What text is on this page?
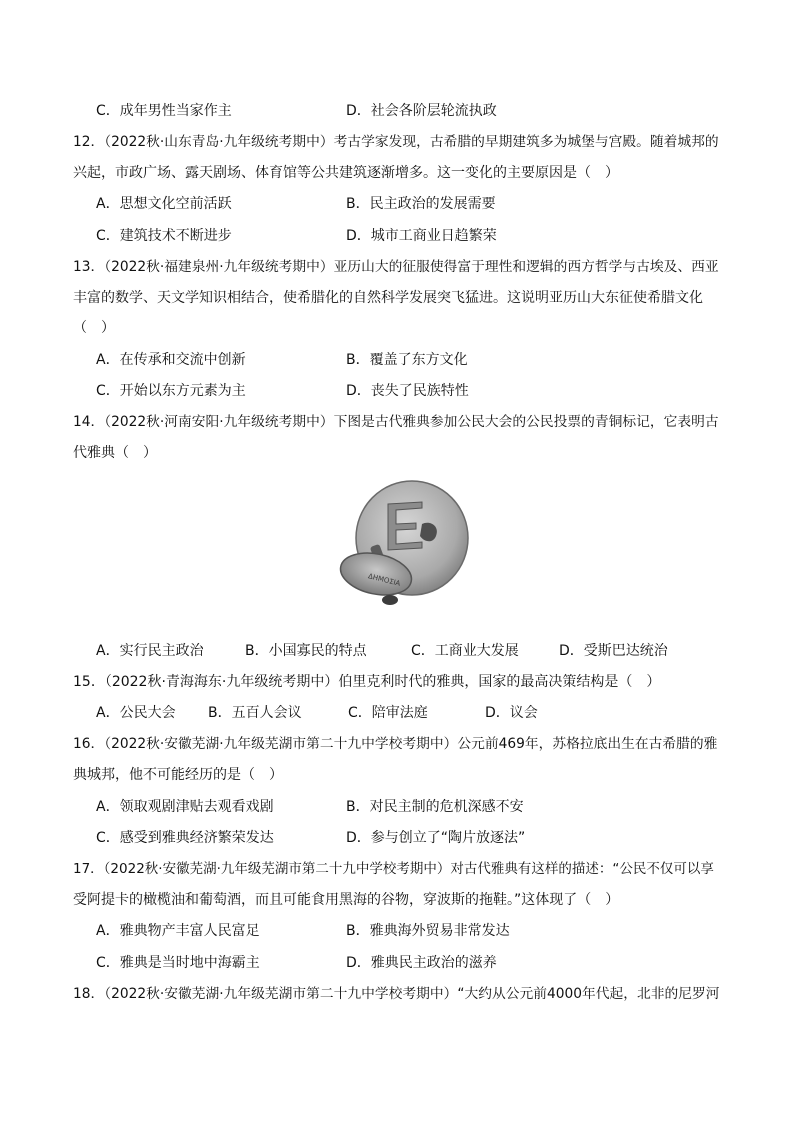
C．成年男性当家作主	D．社会各阶层轮流执政
12．（2022秋·山东青岛·九年级统考期中）考古学家发现，古希腊的早期建筑多为城堡与宫殿。随着城邦的
兴起，市政广场、露天剧场、体育馆等公共建筑逐渐增多。这一变化的主要原因是（　）
A．思想文化空前活跃	B．民主政治的发展需要
C．建筑技术不断进步	D．城市工商业日趋繁荣
13．（2022秋·福建泉州·九年级统考期中）亚历山大的征服使得富于理性和逻辑的西方哲学与古埃及、西亚
丰富的数学、天文学知识相结合，使希腊化的自然科学发展突飞猛进。这说明亚历山大东征使希腊文化
（　）
A．在传承和交流中创新	B．覆盖了东方文化
C．开始以东方元素为主	D．丧失了民族特性
14．（2022秋·河南安阳·九年级统考期中）下图是古代雅典参加公民大会的公民投票的青铜标记，它表明古
代雅典（　）
ΔΗΜΟΣΙΑ
A．实行民主政治	B．小国寡民的特点	C．工商业大发展	D．受斯巴达统治
15．（2022秋·青海海东·九年级统考期中）伯里克利时代的雅典，国家的最高决策结构是（　）
A．公民大会 B．五百人会议	C．陪审法庭	D．议会
16．（2022秋·安徽芜湖·九年级芜湖市第二十九中学校考期中）公元前469年，苏格拉底出生在古希腊的雅
典城邦，他不可能经历的是（　）
A．领取观剧津贴去观看戏剧	B．对民主制的危机深感不安
C．感受到雅典经济繁荣发达	D．参与创立了“陶片放逐法”
17．（2022秋·安徽芜湖·九年级芜湖市第二十九中学校考期中）对古代雅典有这样的描述：“公民不仅可以享
受阿提卡的橄榄油和葡萄酒，而且可能食用黑海的谷物，穿波斯的拖鞋。”这体现了（　）
A．雅典物产丰富人民富足	B．雅典海外贸易非常发达
C．雅典是当时地中海霸主	D．雅典民主政治的滋养
18．（2022秋·安徽芜湖·九年级芜湖市第二十九中学校考期中）“大约从公元前4000年代起，北非的尼罗河
